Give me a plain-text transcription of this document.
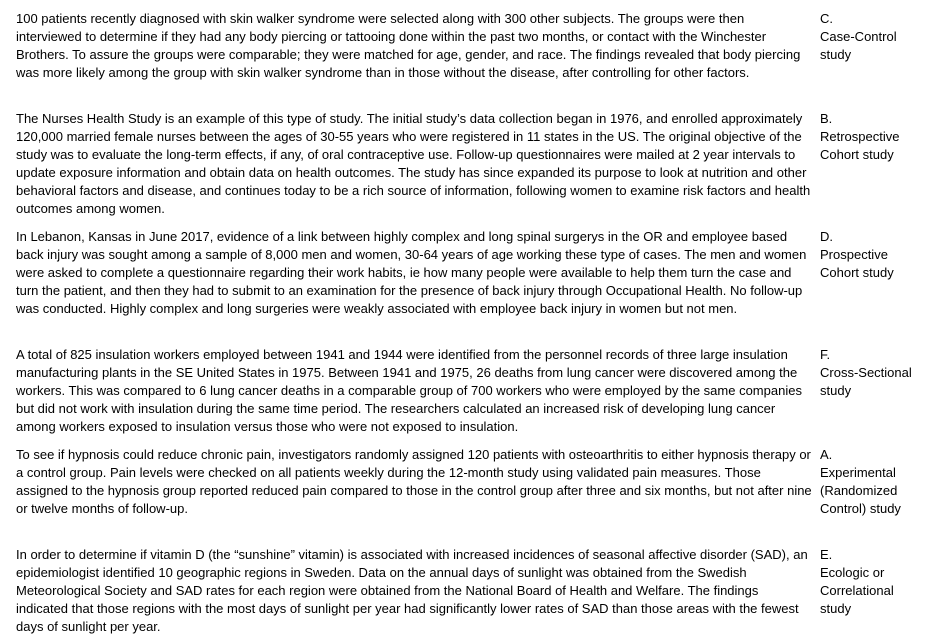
100 patients recently diagnosed with skin walker syndrome were selected along with 300 other subjects. The groups were then interviewed to determine if they had any body piercing or tattooing done within the past two months, or contact with the Winchester Brothers. To assure the groups were comparable; they were matched for age, gender, and race. The findings revealed that body piercing was more likely among the group with skin walker syndrome than in those without the disease, after controlling for other factors.

C.
Case-Control study

The Nurses Health Study is an example of this type of study. The initial study’s data collection began in 1976, and enrolled approximately 120,000 married female nurses between the ages of 30-55 years who were registered in 11 states in the US. The original objective of the study was to evaluate the long-term effects, if any, of oral contraceptive use. Follow-up questionnaires were mailed at 2 year intervals to update exposure information and obtain data on health outcomes. The study has since expanded its purpose to look at nutrition and other behavioral factors and disease, and continues today to be a rich source of information, following women to examine risk factors and health outcomes among women.

B.
Retrospective Cohort study

In Lebanon, Kansas in June 2017, evidence of a link between highly complex and long spinal surgerys in the OR and employee based back injury was sought among a sample of 8,000 men and women, 30-64 years of age working these type of cases. The men and women were asked to complete a questionnaire regarding their work habits, ie how many people were available to help them turn the case and turn the patient, and then they had to submit to an examination for the presence of back injury through Occupational Health. No follow-up was conducted. Highly complex and long surgeries were weakly associated with employee back injury in women but not men.

D.
Prospective Cohort study

A total of 825 insulation workers employed between 1941 and 1944 were identified from the personnel records of three large insulation manufacturing plants in the SE United States in 1975. Between 1941 and 1975, 26 deaths from lung cancer were discovered among the workers. This was compared to 6 lung cancer deaths in a comparable group of 700 workers who were employed by the same companies but did not work with insulation during the same time period. The researchers calculated an increased risk of developing lung cancer among workers exposed to insulation versus those who were not exposed to insulation.

F.
Cross-Sectional study

To see if hypnosis could reduce chronic pain, investigators randomly assigned 120 patients with osteoarthritis to either hypnosis therapy or a control group. Pain levels were checked on all patients weekly during the 12-month study using validated pain measures. Those assigned to the hypnosis group reported reduced pain compared to those in the control group after three and six months, but not after nine or twelve months of follow-up.

A.
Experimental (Randomized Control) study

In order to determine if vitamin D (the “sunshine” vitamin) is associated with increased incidences of seasonal affective disorder (SAD), an epidemiologist identified 10 geographic regions in Sweden. Data on the annual days of sunlight was obtained from the Swedish Meteorological Society and SAD rates for each region were obtained from the National Board of Health and Welfare. The findings indicated that those regions with the most days of sunlight per year had significantly lower rates of SAD than those areas with the fewest days of sunlight per year.

E.
Ecologic or Correlational study
